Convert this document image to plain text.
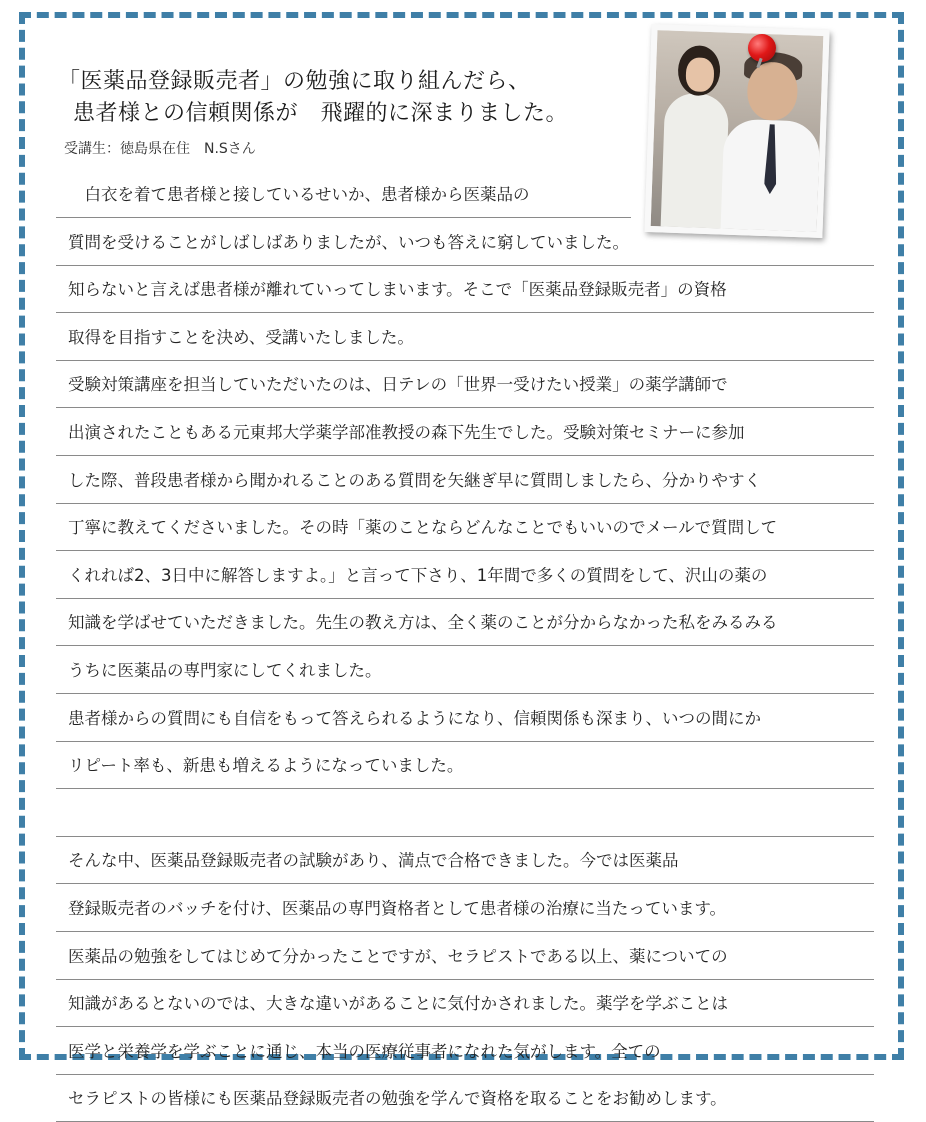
「医薬品登録販売者」の勉強に取り組んだら、
患者様との信頼関係が　飛躍的に深まりました。
受講生：徳島県在住　N.Sさん
　白衣を着て患者様と接しているせいか、患者様から医薬品の
質問を受けることがしばしばありましたが、いつも答えに窮していました。
知らないと言えば患者様が離れていってしまいます。そこで「医薬品登録販売者」の資格
取得を目指すことを決め、受講いたしました。
受験対策講座を担当していただいたのは、日テレの「世界一受けたい授業」の薬学講師で
出演されたこともある元東邦大学薬学部准教授の森下先生でした。受験対策セミナーに参加
した際、普段患者様から聞かれることのある質問を矢継ぎ早に質問しましたら、分かりやすく
丁寧に教えてくださいました。その時「薬のことならどんなことでもいいのでメールで質問して
くれれば2、3日中に解答しますよ。」と言って下さり、1年間で多くの質問をして、沢山の薬の
知識を学ばせていただきました。先生の教え方は、全く薬のことが分からなかった私をみるみる
うちに医薬品の専門家にしてくれました。
患者様からの質問にも自信をもって答えられるようになり、信頼関係も深まり、いつの間にか
リピート率も、新患も増えるようになっていました。
そんな中、医薬品登録販売者の試験があり、満点で合格できました。今では医薬品
登録販売者のバッチを付け、医薬品の専門資格者として患者様の治療に当たっています。
医薬品の勉強をしてはじめて分かったことですが、セラピストである以上、薬についての
知識があるとないのでは、大きな違いがあることに気付かされました。薬学を学ぶことは
医学と栄養学を学ぶことに通じ、本当の医療従事者になれた気がします。全ての
セラピストの皆様にも医薬品登録販売者の勉強を学んで資格を取ることをお勧めします。
